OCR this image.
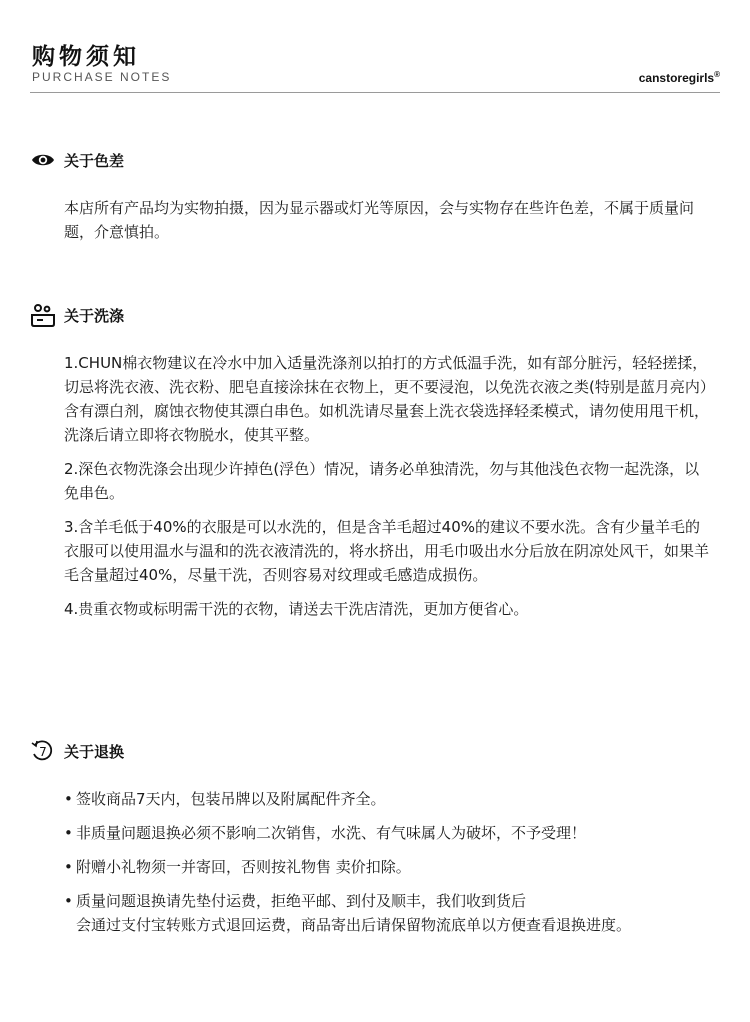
购物须知
PURCHASE NOTES	canstoregirls®
关于色差

本店所有产品均为实物拍摄，因为显示器或灯光等原因，会与实物存在些许色差，不属于质量问题，介意慎拍。

关于洗涤

1.CHUN棉衣物建议在冷水中加入适量洗涤剂以拍打的方式低温手洗，如有部分脏污，轻轻搓揉，切忌将洗衣液、洗衣粉、肥皂直接涂抹在衣物上，更不要浸泡，以免洗衣液之类(特别是蓝月亮内）含有漂白剂，腐蚀衣物使其漂白串色。如机洗请尽量套上洗衣袋选择轻柔模式，请勿使用甩干机，洗涤后请立即将衣物脱水，使其平整。

2.深色衣物洗涤会出现少许掉色(浮色）情况，请务必单独清洗，勿与其他浅色衣物一起洗涤，以免串色。

3.含羊毛低于40%的衣服是可以水洗的，但是含羊毛超过40%的建议不要水洗。含有少量羊毛的衣服可以使用温水与温和的洗衣液清洗的，将水挤出，用毛巾吸出水分后放在阴凉处风干，如果羊毛含量超过40%，尽量干洗，否则容易对纹理或毛感造成损伤。

4.贵重衣物或标明需干洗的衣物，请送去干洗店清洗，更加方便省心。

7 关于退换
• 签收商品7天内，包装吊牌以及附属配件齐全。
• 非质量问题退换必须不影响二次销售，水洗、有气味属人为破坏，不予受理！
• 附赠小礼物须一并寄回，否则按礼物售 卖价扣除。
• 质量问题退换请先垫付运费，拒绝平邮、到付及顺丰，我们收到货后
会通过支付宝转账方式退回运费，商品寄出后请保留物流底单以方便查看退换进度。
